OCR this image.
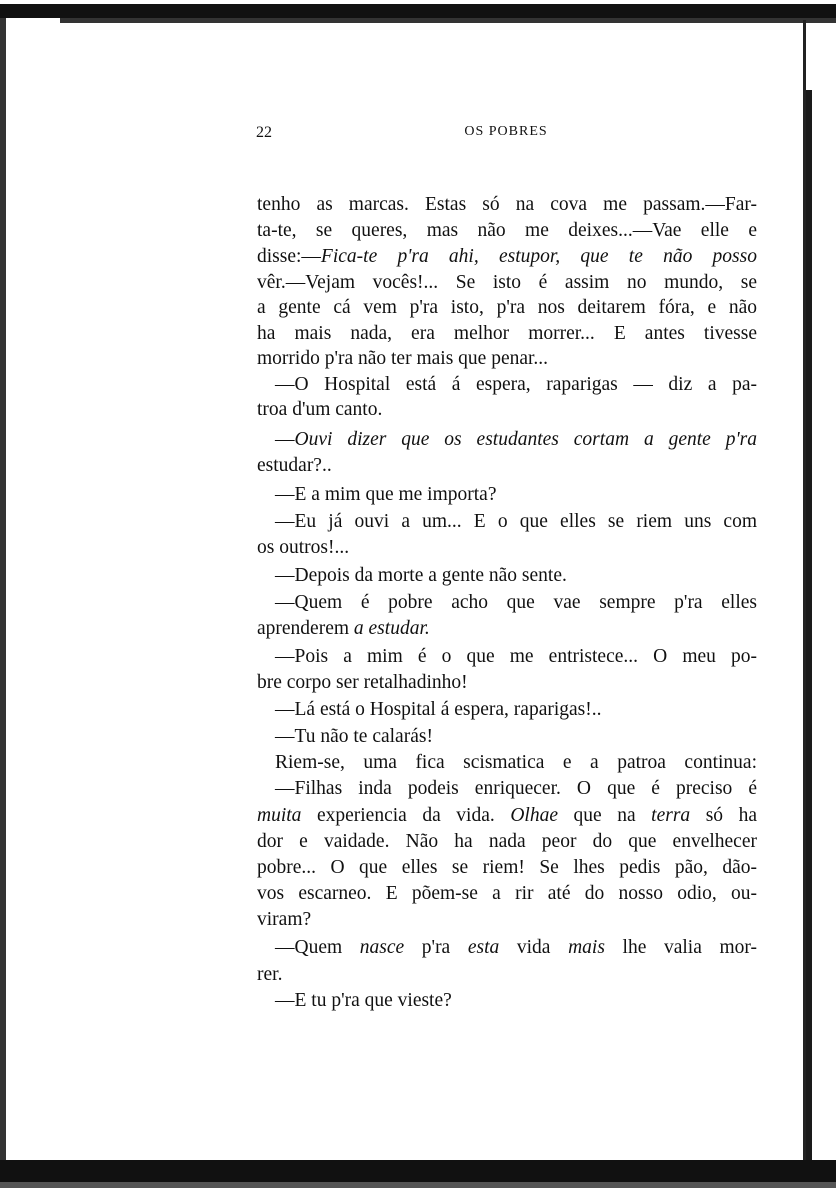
22	OS POBRES
tenho as marcas. Estas só na cova me passam.—Far-
ta-te, se queres, mas não me deixes...—Vae elle e
disse:—Fica-te p'ra ahi, estupor, que te não posso
vêr.—Vejam vocês!... Se isto é assim no mundo, se
a gente cá vem p'ra isto, p'ra nos deitarem fóra, e não
ha mais nada, era melhor morrer... E antes tivesse
morrido p'ra não ter mais que penar...
—O Hospital está á espera, raparigas — diz a pa-
troa d'um canto.
—Ouvi dizer que os estudantes cortam a gente p'ra
estudar?..
—E a mim que me importa?
—Eu já ouvi a um... E o que elles se riem uns com
os outros!...
—Depois da morte a gente não sente.
—Quem é pobre acho que vae sempre p'ra elles
aprenderem a estudar.
—Pois a mim é o que me entristece... O meu po-
bre corpo ser retalhadinho!
—Lá está o Hospital á espera, raparigas!..
—Tu não te calarás!
Riem-se, uma fica scismatica e a patroa continua:
—Filhas inda podeis enriquecer. O que é preciso é
muita experiencia da vida. Olhae que na terra só ha
dor e vaidade. Não ha nada peor do que envelhecer
pobre... O que elles se riem! Se lhes pedis pão, dão-
vos escarneo. E põem-se a rir até do nosso odio, ou-
viram?
—Quem nasce p'ra esta vida mais lhe valia mor-
rer.
—E tu p'ra que vieste?
